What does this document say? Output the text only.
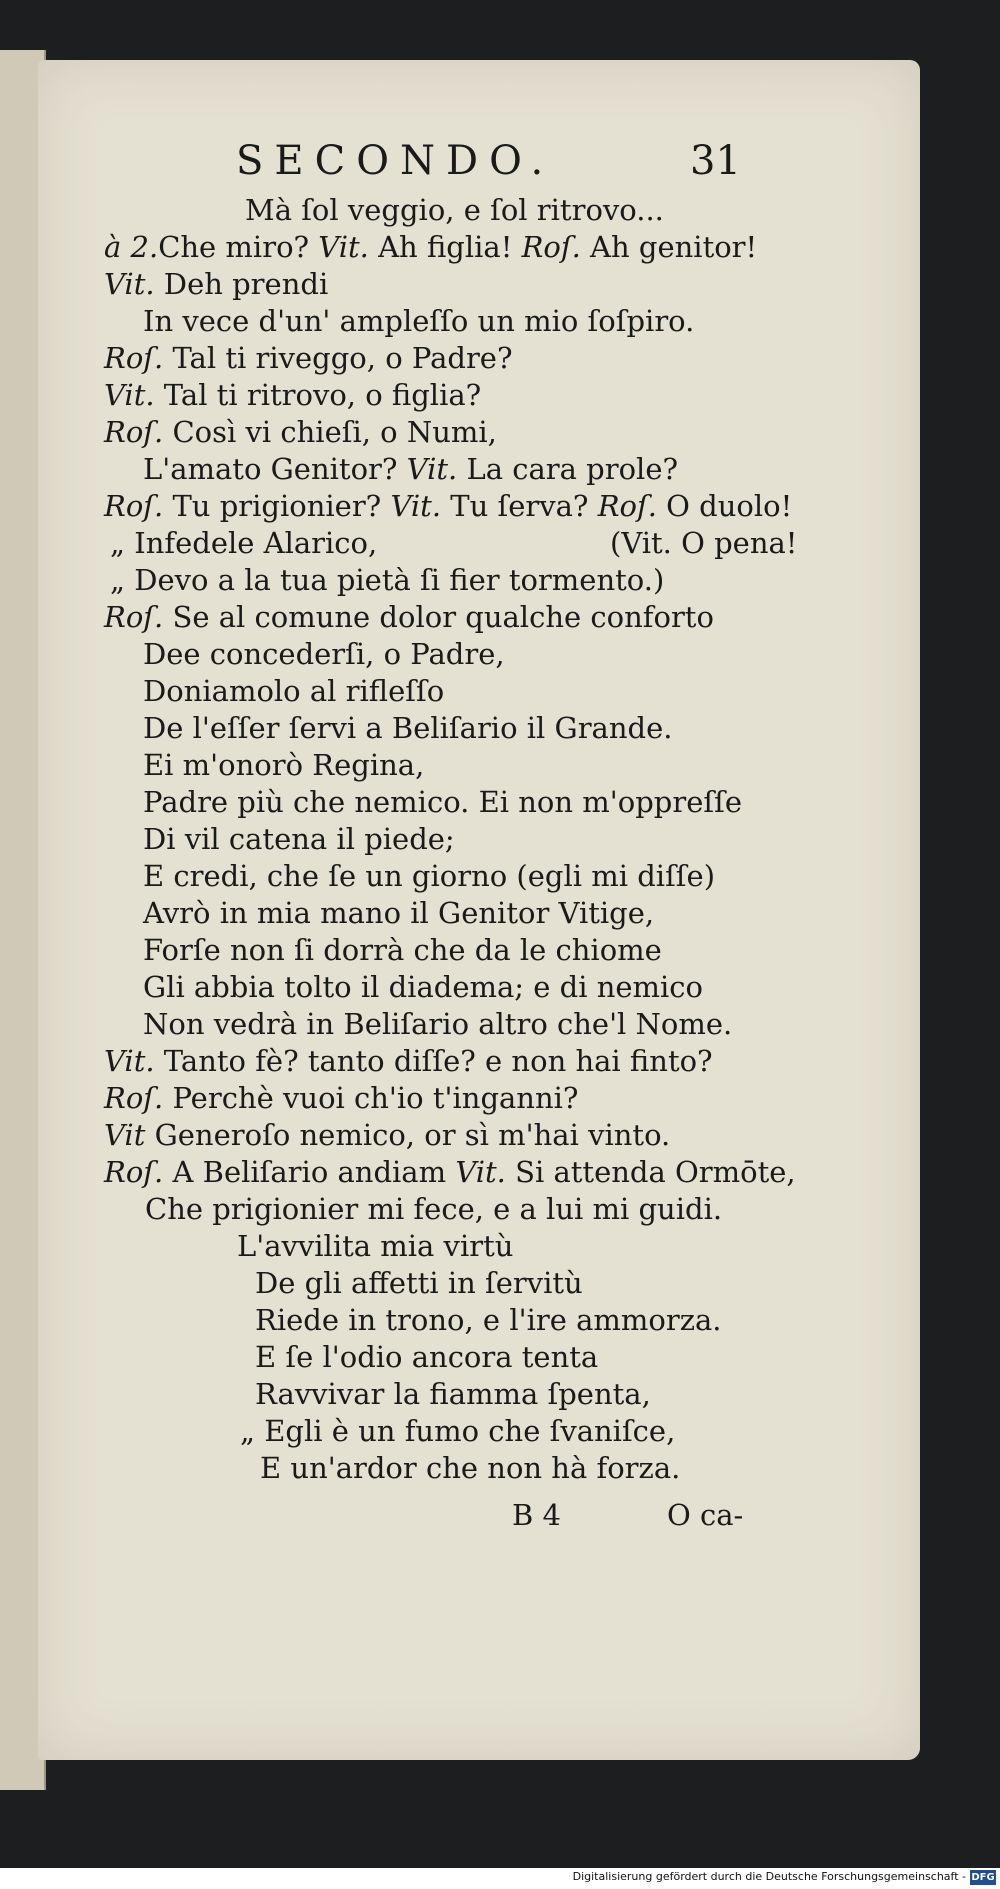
SECONDO.	31
Mà ſol veggio, e ſol ritrovo...
à 2.Che miro? Vit. Ah figlia! Roſ. Ah genitor!
Vit. Deh prendi
In vece d'un' ampleſſo un mio ſoſpiro.
Roſ. Tal ti riveggo, o Padre?
Vit. Tal ti ritrovo, o figlia?
Roſ. Così vi chieſi, o Numi,
L'amato Genitor? Vit. La cara prole?
Roſ. Tu prigionier? Vit. Tu ſerva? Roſ. O duolo!
„ Infedele Alarico,	(Vit. O pena!
„ Devo a la tua pietà ſi fier tormento.)
Roſ. Se al comune dolor qualche conforto
Dee concederſi, o Padre,
Doniamolo al rifleſſo
De l'eſſer ſervi a Beliſario il Grande.
Ei m'onorò Regina,
Padre più che nemico. Ei non m'oppreſſe
Di vil catena il piede;
E credi, che ſe un giorno (egli mi diſſe)
Avrò in mia mano il Genitor Vitige,
Forſe non ſi dorrà che da le chiome
Gli abbia tolto il diadema; e di nemico
Non vedrà in Beliſario altro che'l Nome.
Vit. Tanto fè? tanto diſſe? e non hai finto?
Roſ. Perchè vuoi ch'io t'inganni?
Vit Generoſo nemico, or sì m'hai vinto.
Roſ. A Beliſario andiam Vit. Si attenda Ormōte,
Che prigionier mi fece, e a lui mi guidi.
L'avvilita mia virtù
De gli affetti in ſervitù
Riede in trono, e l'ire ammorza.
E ſe l'odio ancora tenta
Ravvivar la fiamma ſpenta,
„ Egli è un fumo che ſvaniſce,
E un'ardor che non hà forza.
B 4	O ca-
Digitalisierung gefördert durch die Deutsche Forschungsgemeinschaft - DFG
